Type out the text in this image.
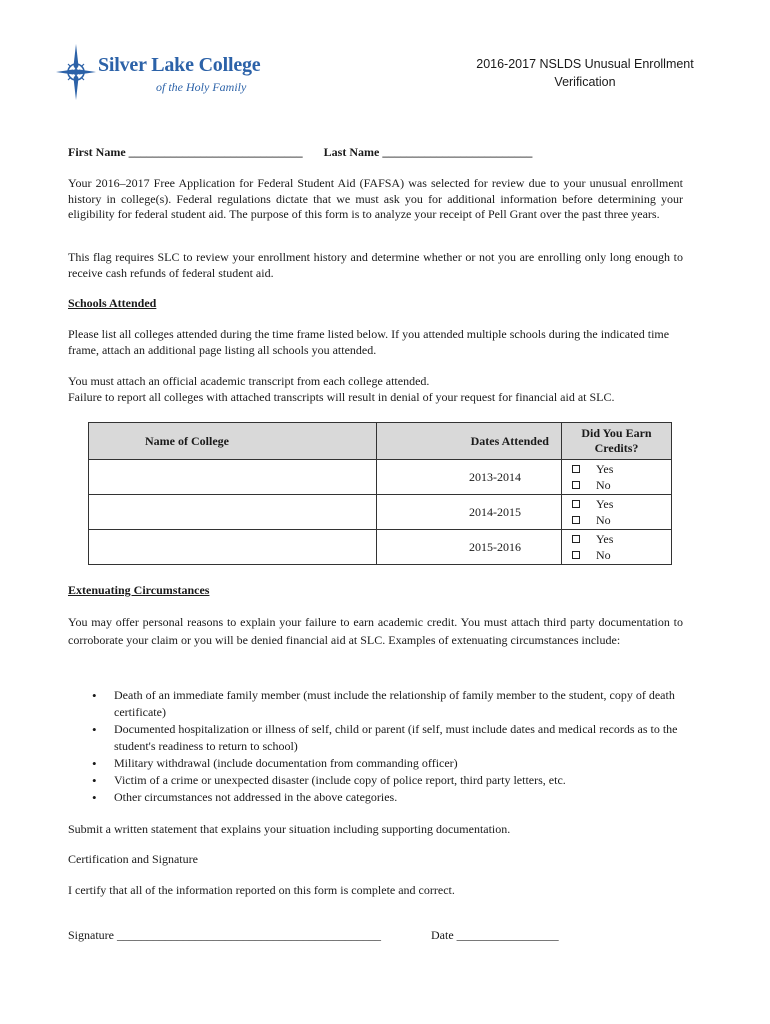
Silver Lake College
of the Holy Family
2016-2017 NSLDS Unusual Enrollment
Verification
First Name _____________________________ Last Name _________________________
Your 2016–2017 Free Application for Federal Student Aid (FAFSA) was selected for review due to your unusual enrollment history in college(s). Federal regulations dictate that we must ask you for additional information before determining your eligibility for federal student aid. The purpose of this form is to analyze your receipt of Pell Grant over the past three years.
This flag requires SLC to review your enrollment history and determine whether or not you are enrolling only long enough to receive cash refunds of federal student aid.
Schools Attended
Please list all colleges attended during the time frame listed below. If you attended multiple schools during the indicated time frame, attach an additional page listing all schools you attended.
You must attach an official academic transcript from each college attended.
Failure to report all colleges with attached transcripts will result in denial of your request for financial aid at SLC.
Name of College	Dates Attended	Did You Earn
Credits?

	2013-2014	Yes
No

	2014-2015	Yes
No

	2015-2016	Yes
No
Extenuating Circumstances
You may offer personal reasons to explain your failure to earn academic credit. You must attach third party documentation to corroborate your claim or you will be denied financial aid at SLC. Examples of extenuating circumstances include:
• Death of an immediate family member (must include the relationship of family member to the student, copy of death certificate)
• Documented hospitalization or illness of self, child or parent (if self, must include dates and medical records as to the student's readiness to return to school)
• Military withdrawal (include documentation from commanding officer)
• Victim of a crime or unexpected disaster (include copy of police report, third party letters, etc.
• Other circumstances not addressed in the above categories.
Submit a written statement that explains your situation including supporting documentation.
Certification and Signature
I certify that all of the information reported on this form is complete and correct.
Signature ____________________________________________	Date _________________
